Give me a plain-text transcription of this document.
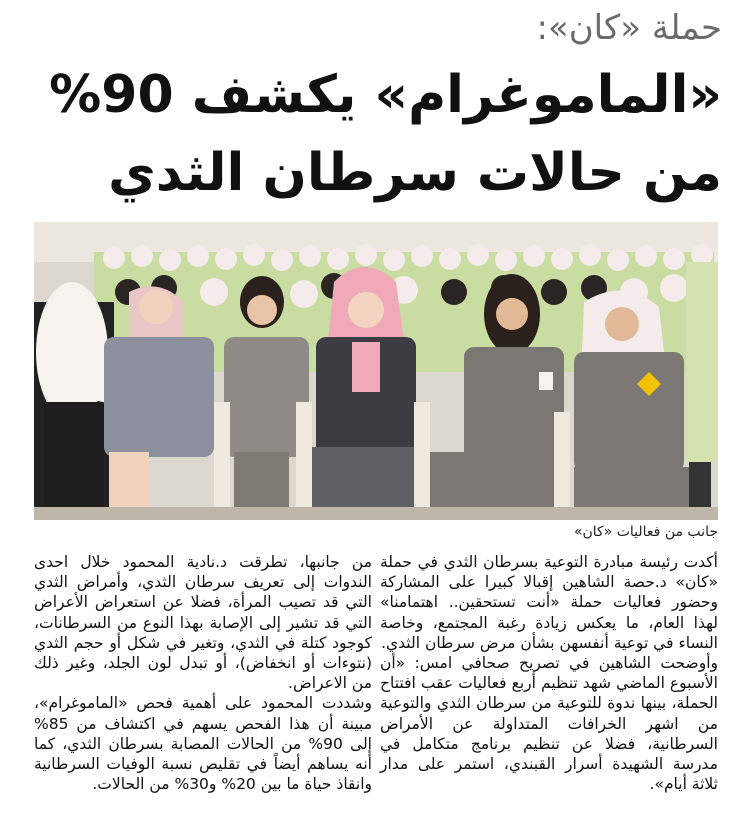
حملة «كان»:
«الماموغرام» يكشف 90%
من حالات سرطان الثدي
جانب من فعاليات «كان»

أكدت رئيسة مبادرة التوعية بسرطان الثدي في حملة «كان» د.حصة الشاهين إقبالا كبيرا على المشاركة وحضور فعاليات حملة «أنت تستحقين.. اهتمامنا» لهذا العام، ما يعكس زيادة رغبة المجتمع، وخاصة النساء في توعية أنفسهن بشأن مرض سرطان الثدي.

وأوضحت الشاهين في تصريح صحافي امس: «أن الأسبوع الماضي شهد تنظيم أربع فعاليات عقب افتتاح الحملة، بينها ندوة للتوعية من سرطان الثدي والتوعية من اشهر الخرافات المتداولة عن الأمراض السرطانية، فضلا عن تنظيم برنامج متكامل في مدرسة الشهيدة أسرار القبندي، استمر على مدار ثلاثة أيام».

من جانبها، تطرقت د.نادية المحمود خلال احدى الندوات إلى تعريف سرطان الثدي، وأمراض الثدي التي قد تصيب المرأة، فضلا عن استعراض الأعراض التي قد تشير إلى الإصابة بهذا النوع من السرطانات، كوجود كتلة في الثدي، وتغير في شكل أو حجم الثدي (نتوءات أو انخفاض)، أو تبدل لون الجلد، وغير ذلك من الاعراض.

وشددت المحمود على أهمية فحص «الماموغرام»، مبينة أن هذا الفحص يسهم في اكتشاف من 85% إلى 90% من الحالات المصابة بسرطان الثدي، كما أنه يساهم أيضاً في تقليص نسبة الوفيات السرطانية وانقاذ حياة ما بين 20% و30% من الحالات.
